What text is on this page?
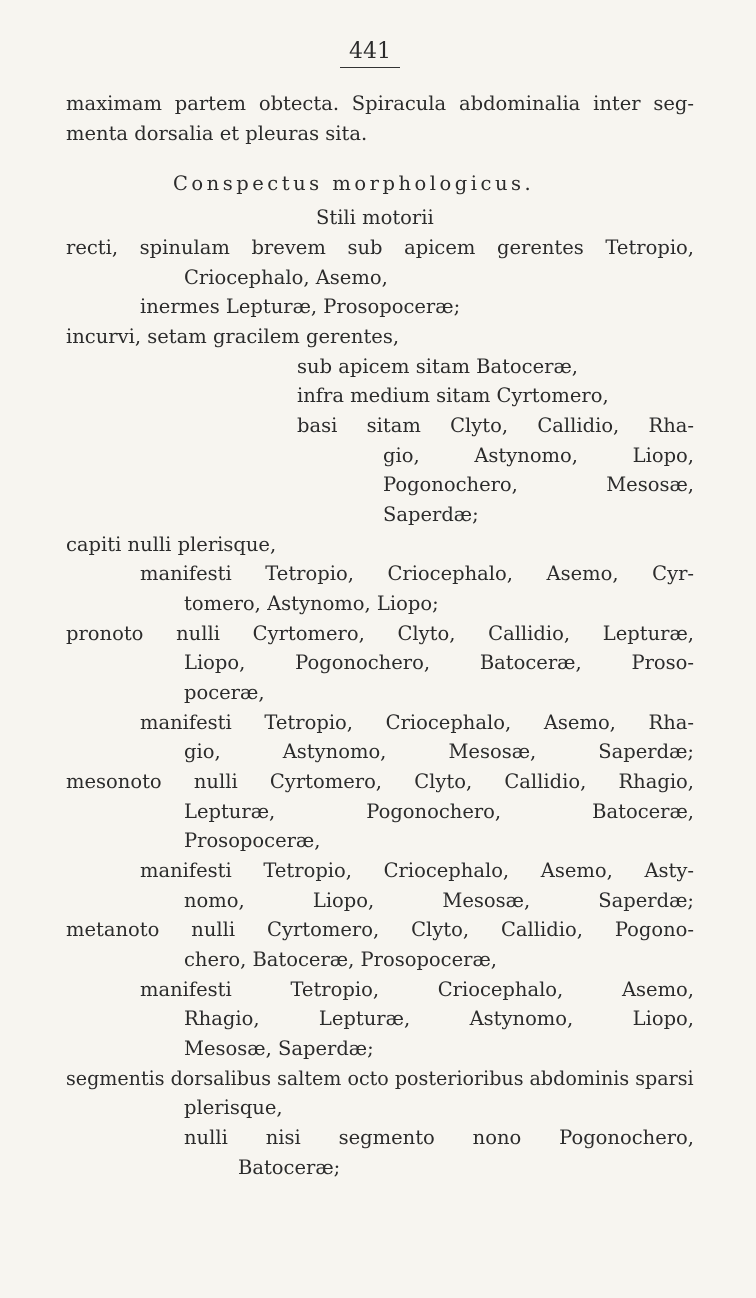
441
maximam partem obtecta. Spiracula abdominalia inter seg-
menta dorsalia et pleuras sita.
Conspectus morphologicus.
Stili motorii
recti, spinulam brevem sub apicem gerentes Tetropio,
Criocephalo, Asemo,
inermes Lepturæ, Prosopoceræ;
incurvi, setam gracilem gerentes,
sub apicem sitam Batoceræ,
infra medium sitam Cyrtomero,
basi sitam Clyto, Callidio, Rha-
gio, Astynomo, Liopo,
Pogonochero, Mesosæ,
Saperdæ;
capiti nulli plerisque,
manifesti Tetropio, Criocephalo, Asemo, Cyr-
tomero, Astynomo, Liopo;
pronoto nulli Cyrtomero, Clyto, Callidio, Lepturæ,
Liopo, Pogonochero, Batoceræ, Proso-
poceræ,
manifesti Tetropio, Criocephalo, Asemo, Rha-
gio, Astynomo, Mesosæ, Saperdæ;
mesonoto nulli Cyrtomero, Clyto, Callidio, Rhagio,
Lepturæ, Pogonochero, Batoceræ,
Prosopoceræ,
manifesti Tetropio, Criocephalo, Asemo, Asty-
nomo, Liopo, Mesosæ, Saperdæ;
metanoto nulli Cyrtomero, Clyto, Callidio, Pogono-
chero, Batoceræ, Prosopoceræ,
manifesti Tetropio, Criocephalo, Asemo,
Rhagio, Lepturæ, Astynomo, Liopo,
Mesosæ, Saperdæ;
segmentis dorsalibus saltem octo posterioribus abdominis sparsi
plerisque,
nulli nisi segmento nono Pogonochero,
Batoceræ;
